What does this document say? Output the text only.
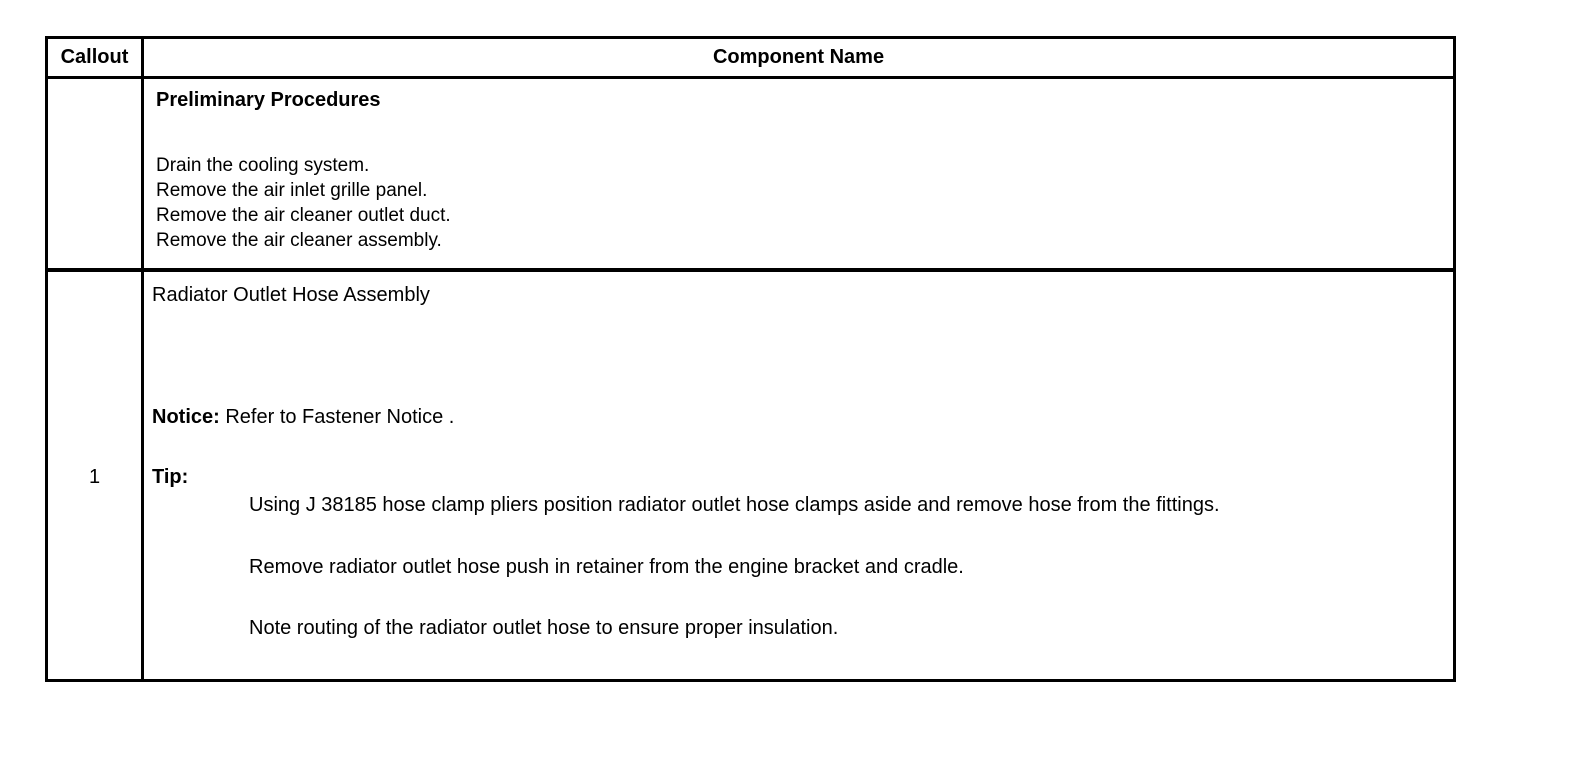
Callout	Component Name
Preliminary Procedures
Drain the cooling system.
Remove the air inlet grille panel.
Remove the air cleaner outlet duct.
Remove the air cleaner assembly.
1
Radiator Outlet Hose Assembly
Notice: Refer to Fastener Notice .
Tip:
Using J 38185 hose clamp pliers position radiator outlet hose clamps aside and remove hose from the fittings.
Remove radiator outlet hose push in retainer from the engine bracket and cradle.
Note routing of the radiator outlet hose to ensure proper insulation.
